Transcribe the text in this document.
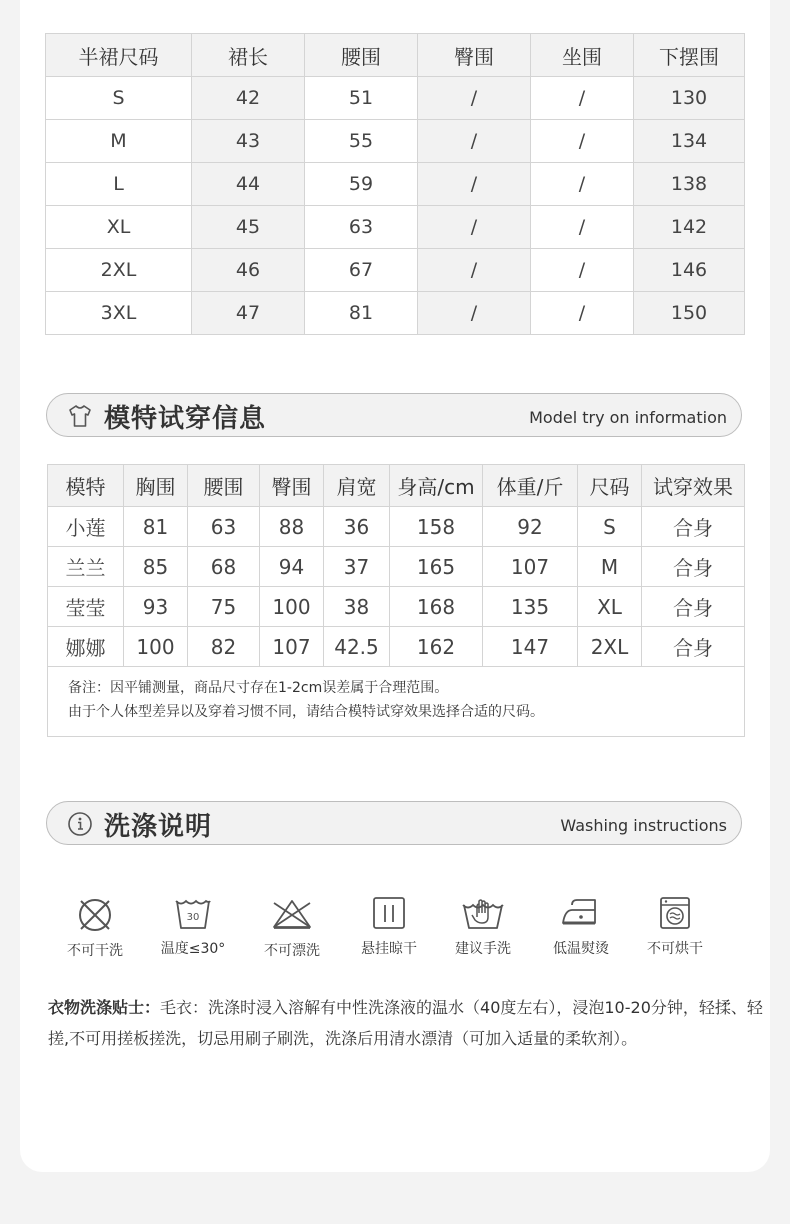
半裙尺码	裙长	腰围	臀围	坐围	下摆围
S	42	51	/	/	130
M	43	55	/	/	134
L	44	59	/	/	138
XL	45	63	/	/	142
2XL	46	67	/	/	146
3XL	47	81	/	/	150
模特试穿信息	Model try on information
模特	胸围	腰围	臀围	肩宽	身高/cm	体重/斤	尺码	试穿效果
小莲	81	63	88	36	158	92	S	合身
兰兰	85	68	94	37	165	107	M	合身
莹莹	93	75	100	38	168	135	XL	合身
娜娜	100	82	107	42.5	162	147	2XL	合身

备注：因平铺测量，商品尺寸存在1-2cm误差属于合理范围。
由于个人体型差异以及穿着习惯不同，请结合模特试穿效果选择合适的尺码。								
洗涤说明	Washing instructions
不可干洗
30
温度≤30°	不可漂洗	悬挂晾干	建议手洗	低温熨烫	不可烘干
衣物洗涤贴士：毛衣：洗涤时浸入溶解有中性洗涤液的温水（40度左右），浸泡10-20分钟，轻揉、轻搓,不可用搓板搓洗，切忌用刷子刷洗，洗涤后用清水漂清（可加入适量的柔软剂）。
